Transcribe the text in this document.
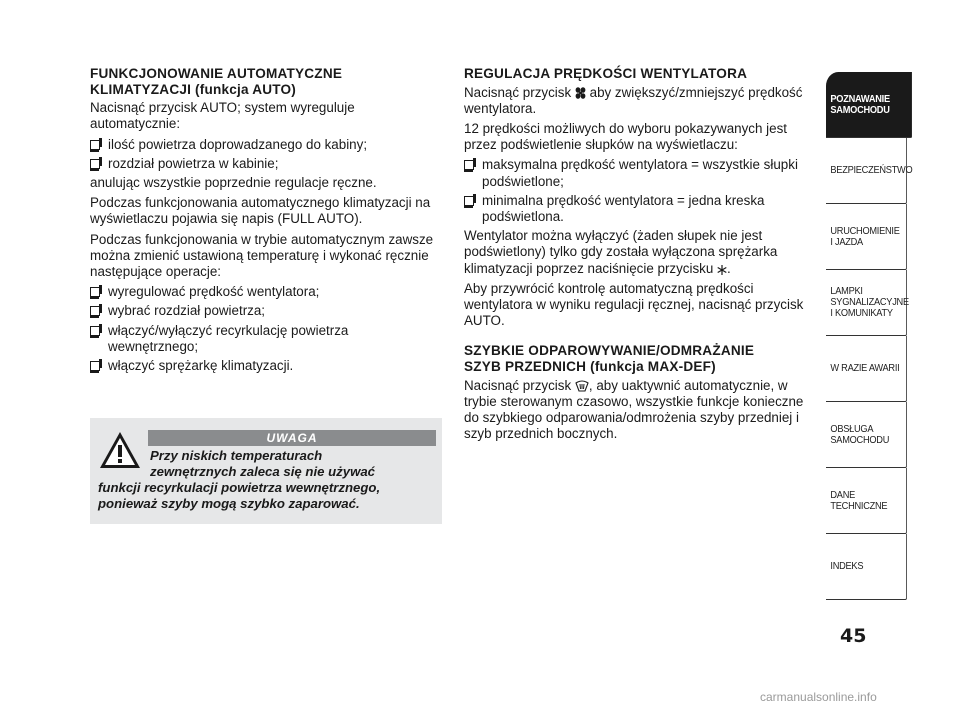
FUNKCJONOWANIE AUTOMATYCZNE
KLIMATYZACJI (funkcja AUTO)
Nacisnąć przycisk AUTO; system wyreguluje automatycznie:
ilość powietrza doprowadzanego do kabiny;
rozdział powietrza w kabinie;
anulując wszystkie poprzednie regulacje ręczne.
Podczas funkcjonowania automatycznego klimatyzacji na wyświetlaczu pojawia się napis (FULL AUTO).
Podczas funkcjonowania w trybie automatycznym zawsze można zmienić ustawioną temperaturę i wykonać ręcznie następujące operacje:
wyregulować prędkość wentylatora;
wybrać rozdział powietrza;
włączyć/wyłączyć recyrkulację powietrza wewnętrznego;
włączyć sprężarkę klimatyzacji.
UWAGA
Przy niskich temperaturach
zewnętrznych zaleca się nie używać
funkcji recyrkulacji powietrza wewnętrznego,
ponieważ szyby mogą szybko zaparować.
REGULACJA PRĘDKOŚCI WENTYLATORA
Nacisnąć przycisk aby zwiększyć/zmniejszyć prędkość wentylatora.
12 prędkości możliwych do wyboru pokazywanych jest przez podświetlenie słupków na wyświetlaczu:
maksymalna prędkość wentylatora = wszystkie słupki podświetlone;
minimalna prędkość wentylatora = jedna kreska podświetlona.
Wentylator można wyłączyć (żaden słupek nie jest podświetlony) tylko gdy została wyłączona sprężarka klimatyzacji poprzez naciśnięcie przycisku .
Aby przywrócić kontrolę automatyczną prędkości wentylatora w wyniku regulacji ręcznej, nacisnąć przycisk AUTO.
SZYBKIE ODPAROWYWANIE/ODMRAŻANIE
SZYB PRZEDNICH (funkcja MAX-DEF)
Nacisnąć przycisk , aby uaktywnić automatycznie, w trybie sterowanym czasowo, wszystkie funkcje konieczne do szybkiego odparowania/odmrożenia szyby przedniej i szyb przednich bocznych.
POZNAWANIE
SAMOCHODU
BEZPIECZEŃSTWO
URUCHOMIENIE
I JAZDA
LAMPKI
SYGNALIZACYJNE
I KOMUNIKATY
W RAZIE AWARII
OBSŁUGA
SAMOCHODU
DANE
TECHNICZNE
INDEKS
45
carmanualsonline.info
